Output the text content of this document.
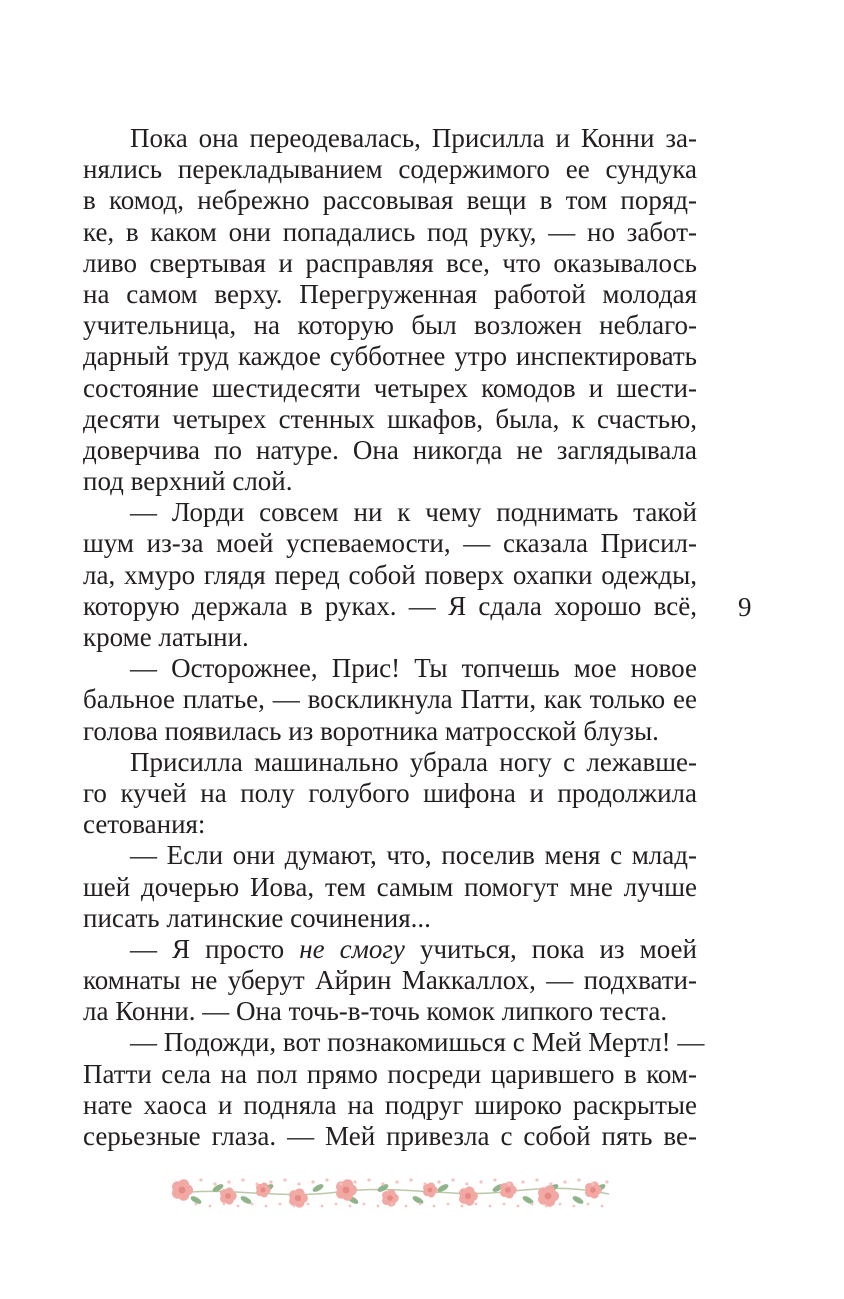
Пока она переодевалась, Присилла и Конни за-
нялись перекладыванием содержимого ее сундука
в комод, небрежно рассовывая вещи в том поряд-
ке, в каком они попадались под руку, — но забот-
ливо свертывая и расправляя все, что оказывалось
на самом верху. Перегруженная работой молодая
учительница, на которую был возложен неблаго-
дарный труд каждое субботнее утро инспектировать
состояние шестидесяти четырех комодов и шести-
десяти четырех стенных шкафов, была, к счастью,
доверчива по натуре. Она никогда не заглядывала
под верхний слой.
— Лорди совсем ни к чему поднимать такой
шум из-за моей успеваемости, — сказала Присил-
ла, хмуро глядя перед собой поверх охапки одежды,
которую держала в руках. — Я сдала хорошо всё,
кроме латыни.
— Осторожнее, Прис! Ты топчешь мое новое
бальное платье, — воскликнула Патти, как только ее
голова появилась из воротника матросской блузы.
Присилла машинально убрала ногу с лежавше-
го кучей на полу голубого шифона и продолжила
сетования:
— Если они думают, что, поселив меня с млад-
шей дочерью Иова, тем самым помогут мне лучше
писать латинские сочинения...
— Я просто не смогу учиться, пока из моей
комнаты не уберут Айрин Маккаллох, — подхвати-
ла Конни. — Она точь-в-точь комок липкого теста.
— Подожди, вот познакомишься с Мей Мертл! —
Патти села на пол прямо посреди царившего в ком-
нате хаоса и подняла на подруг широко раскрытые
серьезные глаза. — Мей привезла с собой пять ве-
9
